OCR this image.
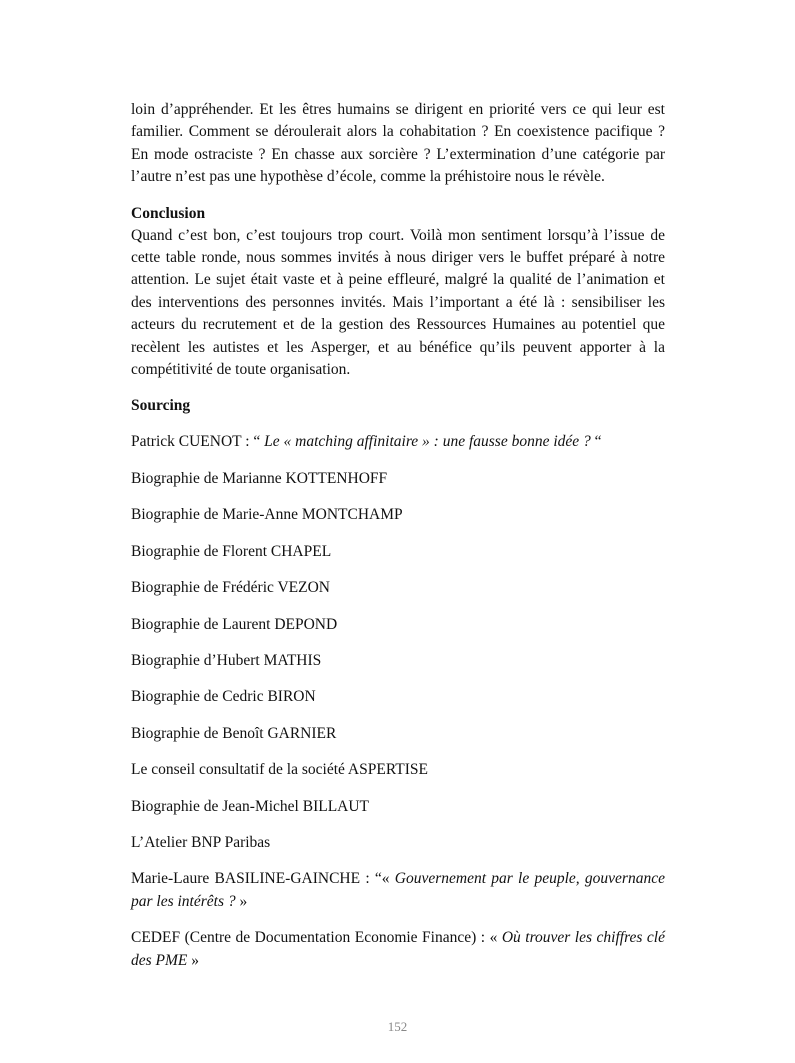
loin d’appréhender. Et les êtres humains se dirigent en priorité vers ce qui leur est familier. Comment se déroulerait alors la cohabitation ? En coexistence pacifique ? En mode ostraciste ? En chasse aux sorcière ? L’extermination d’une catégorie par l’autre n’est pas une hypothèse d’école, comme la préhistoire nous le révèle.

Conclusion

Quand c’est bon, c’est toujours trop court. Voilà mon sentiment lorsqu’à l’issue de cette table ronde, nous sommes invités à nous diriger vers le buffet préparé à notre attention. Le sujet était vaste et à peine effleuré, malgré la qualité de l’animation et des interventions des personnes invités. Mais l’important a été là : sensibiliser les acteurs du recrutement et de la gestion des Ressources Humaines au potentiel que recèlent les autistes et les Asperger, et au bénéfice qu’ils peuvent apporter à la compétitivité de toute organisation.

Sourcing

Patrick CUENOT : “ Le « matching affinitaire » : une fausse bonne idée ? “

Biographie de Marianne KOTTENHOFF

Biographie de Marie-Anne MONTCHAMP

Biographie de Florent CHAPEL

Biographie de Frédéric VEZON

Biographie de Laurent DEPOND

Biographie d’Hubert MATHIS

Biographie de Cedric BIRON

Biographie de Benoît GARNIER

Le conseil consultatif de la société ASPERTISE

Biographie de Jean-Michel BILLAUT

L’Atelier BNP Paribas

Marie-Laure BASILINE-GAINCHE : “« Gouvernement par le peuple, gouvernance par les intérêts ? »

CEDEF (Centre de Documentation Economie Finance) : « Où trouver les chiffres clé des PME »

152
